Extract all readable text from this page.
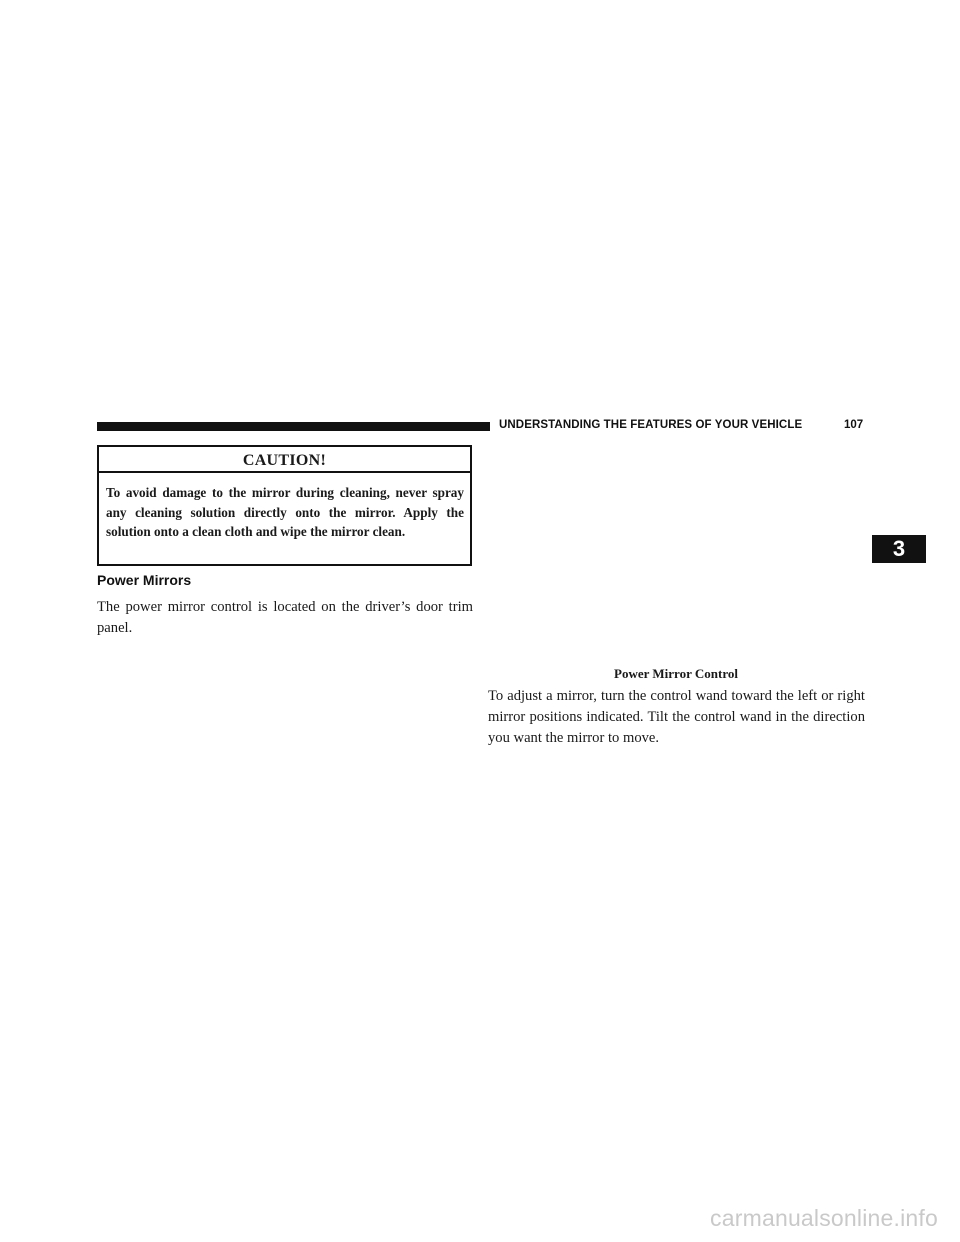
UNDERSTANDING THE FEATURES OF YOUR VEHICLE	107
CAUTION!
To avoid damage to the mirror during cleaning, never spray any cleaning solution directly onto the mirror. Apply the solution onto a clean cloth and wipe the mirror clean.
Power Mirrors
The power mirror control is located on the driver’s door trim panel.
Power Mirror Control
To adjust a mirror, turn the control wand toward the left or right mirror positions indicated. Tilt the control wand in the direction you want the mirror to move.
3
carmanualsonline.info
